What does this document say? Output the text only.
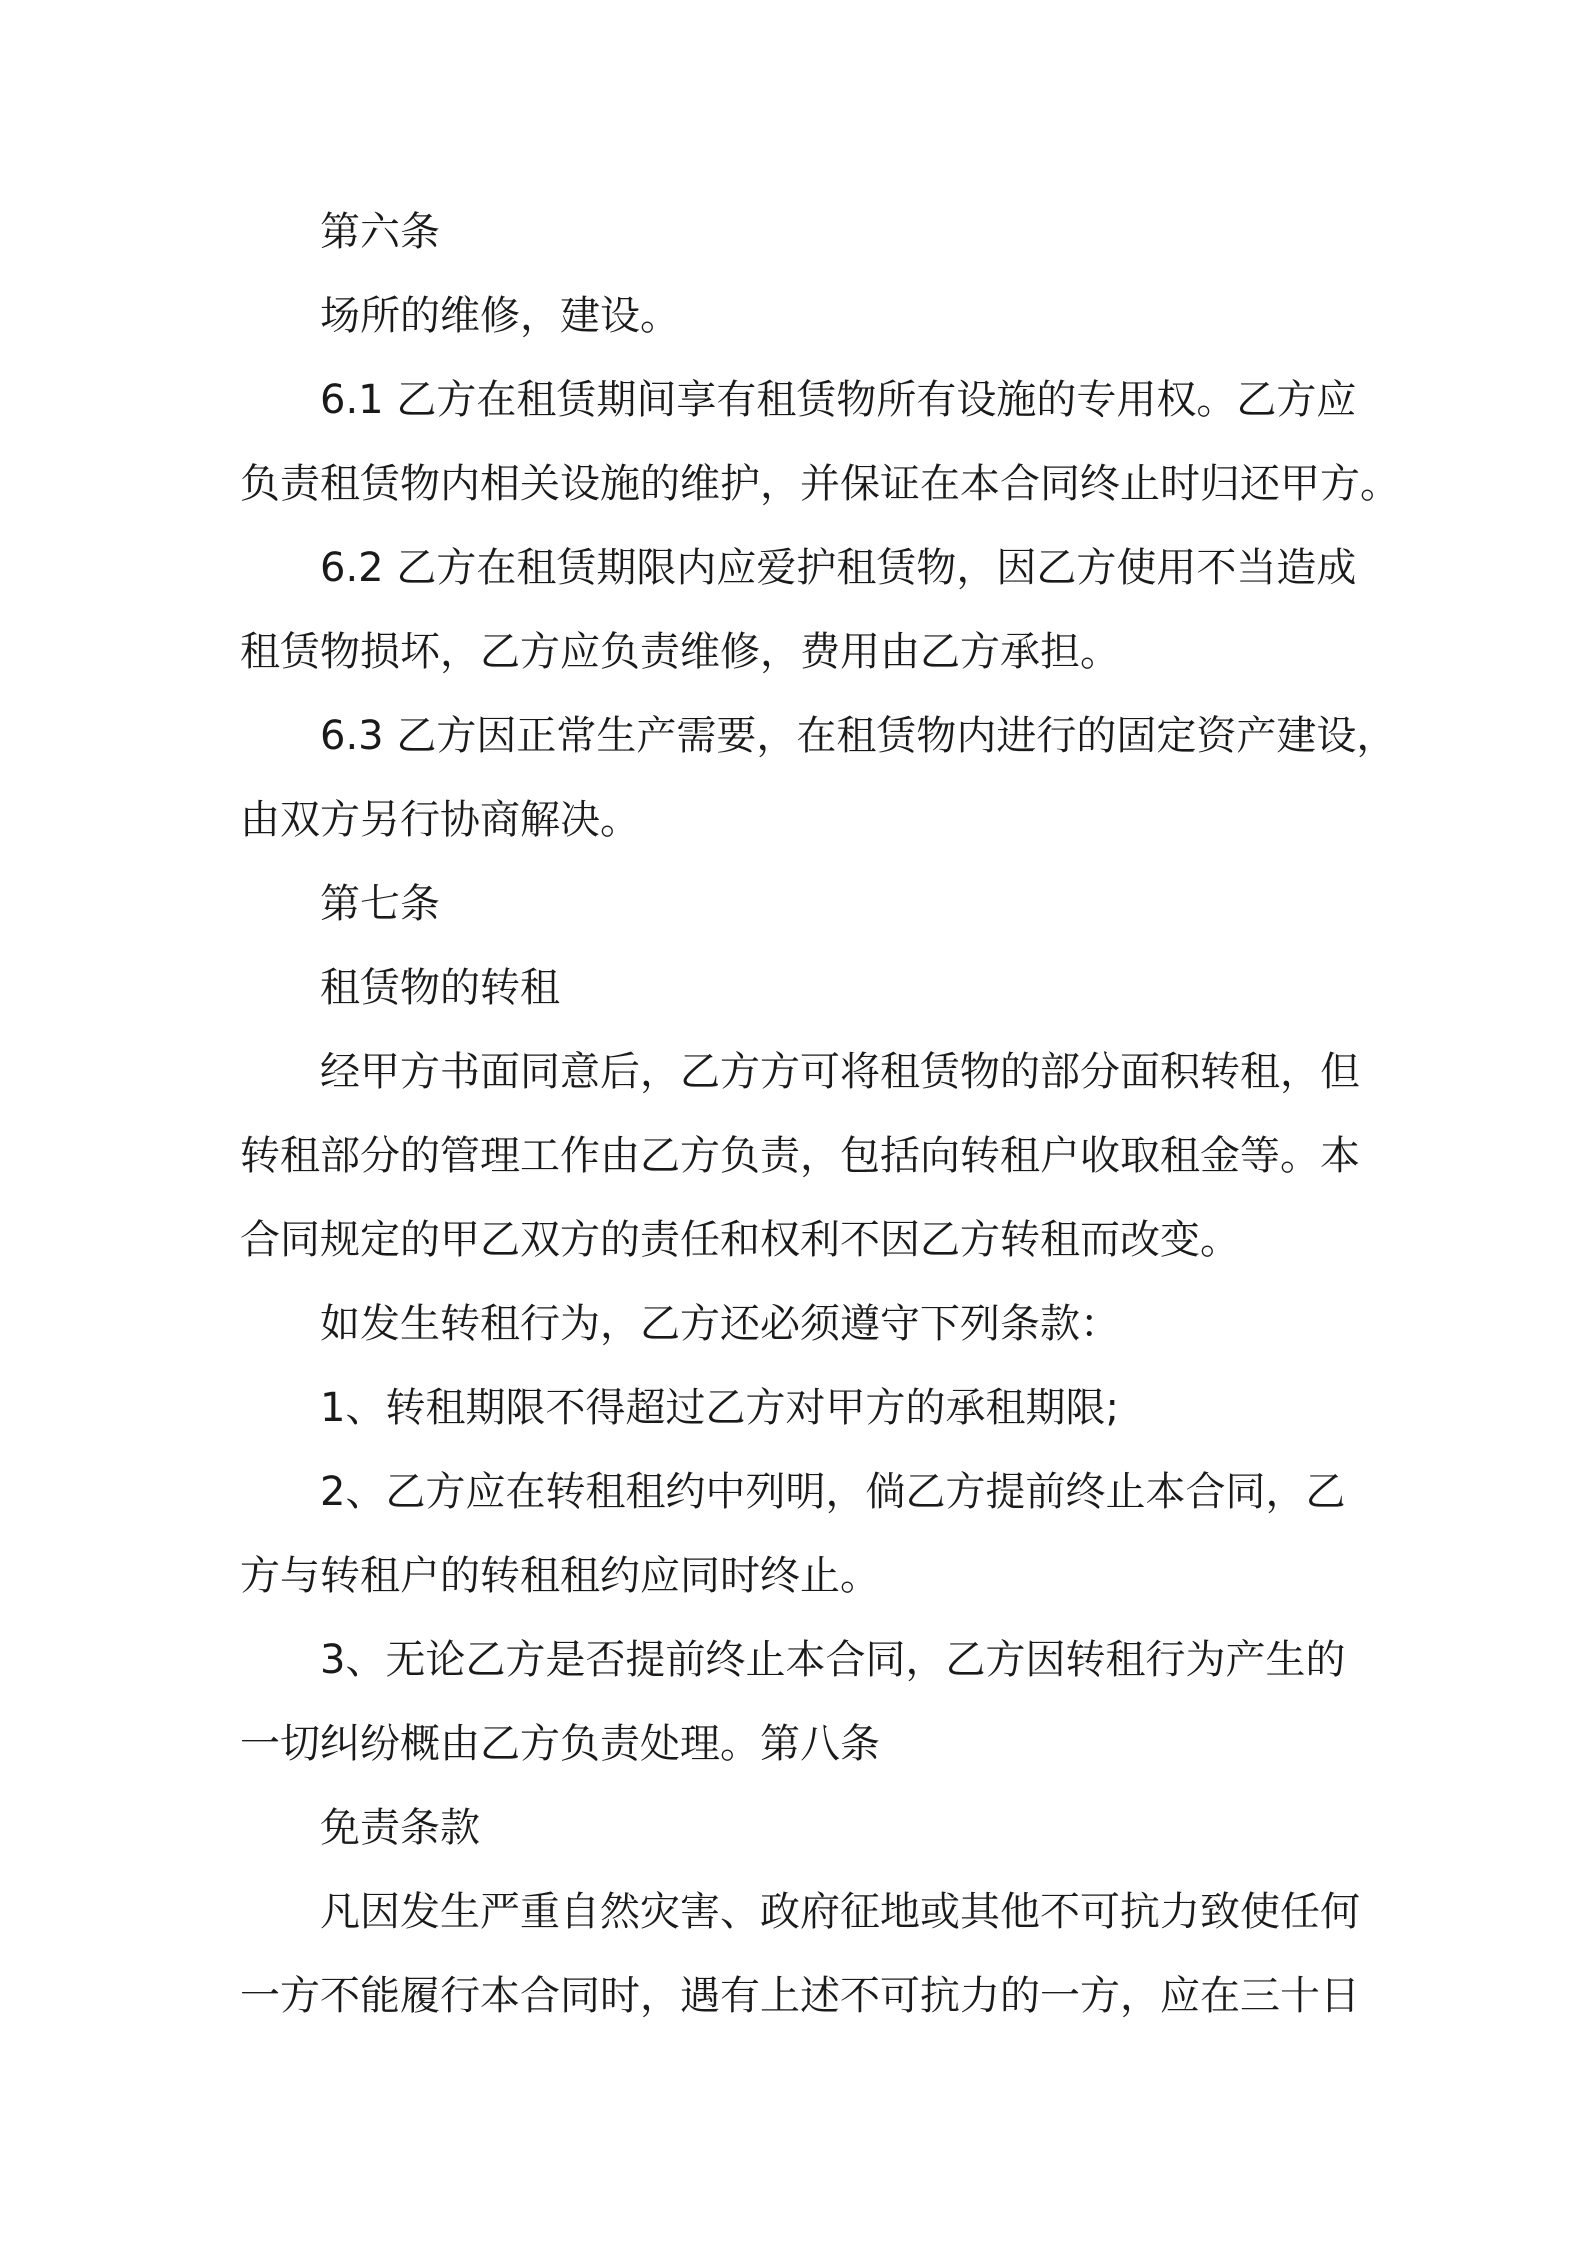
第六条
场所的维修，建设。
6.1 乙方在租赁期间享有租赁物所有设施的专用权。乙方应
负责租赁物内相关设施的维护，并保证在本合同终止时归还甲方。
6.2 乙方在租赁期限内应爱护租赁物，因乙方使用不当造成
租赁物损坏，乙方应负责维修，费用由乙方承担。
6.3 乙方因正常生产需要，在租赁物内进行的固定资产建设，
由双方另行协商解决。
第七条
租赁物的转租
经甲方书面同意后，乙方方可将租赁物的部分面积转租，但
转租部分的管理工作由乙方负责，包括向转租户收取租金等。本
合同规定的甲乙双方的责任和权利不因乙方转租而改变。
如发生转租行为，乙方还必须遵守下列条款：
1、转租期限不得超过乙方对甲方的承租期限;
2、乙方应在转租租约中列明，倘乙方提前终止本合同，乙
方与转租户的转租租约应同时终止。
3、无论乙方是否提前终止本合同，乙方因转租行为产生的
一切纠纷概由乙方负责处理。第八条
免责条款
凡因发生严重自然灾害、政府征地或其他不可抗力致使任何
一方不能履行本合同时，遇有上述不可抗力的一方，应在三十日
